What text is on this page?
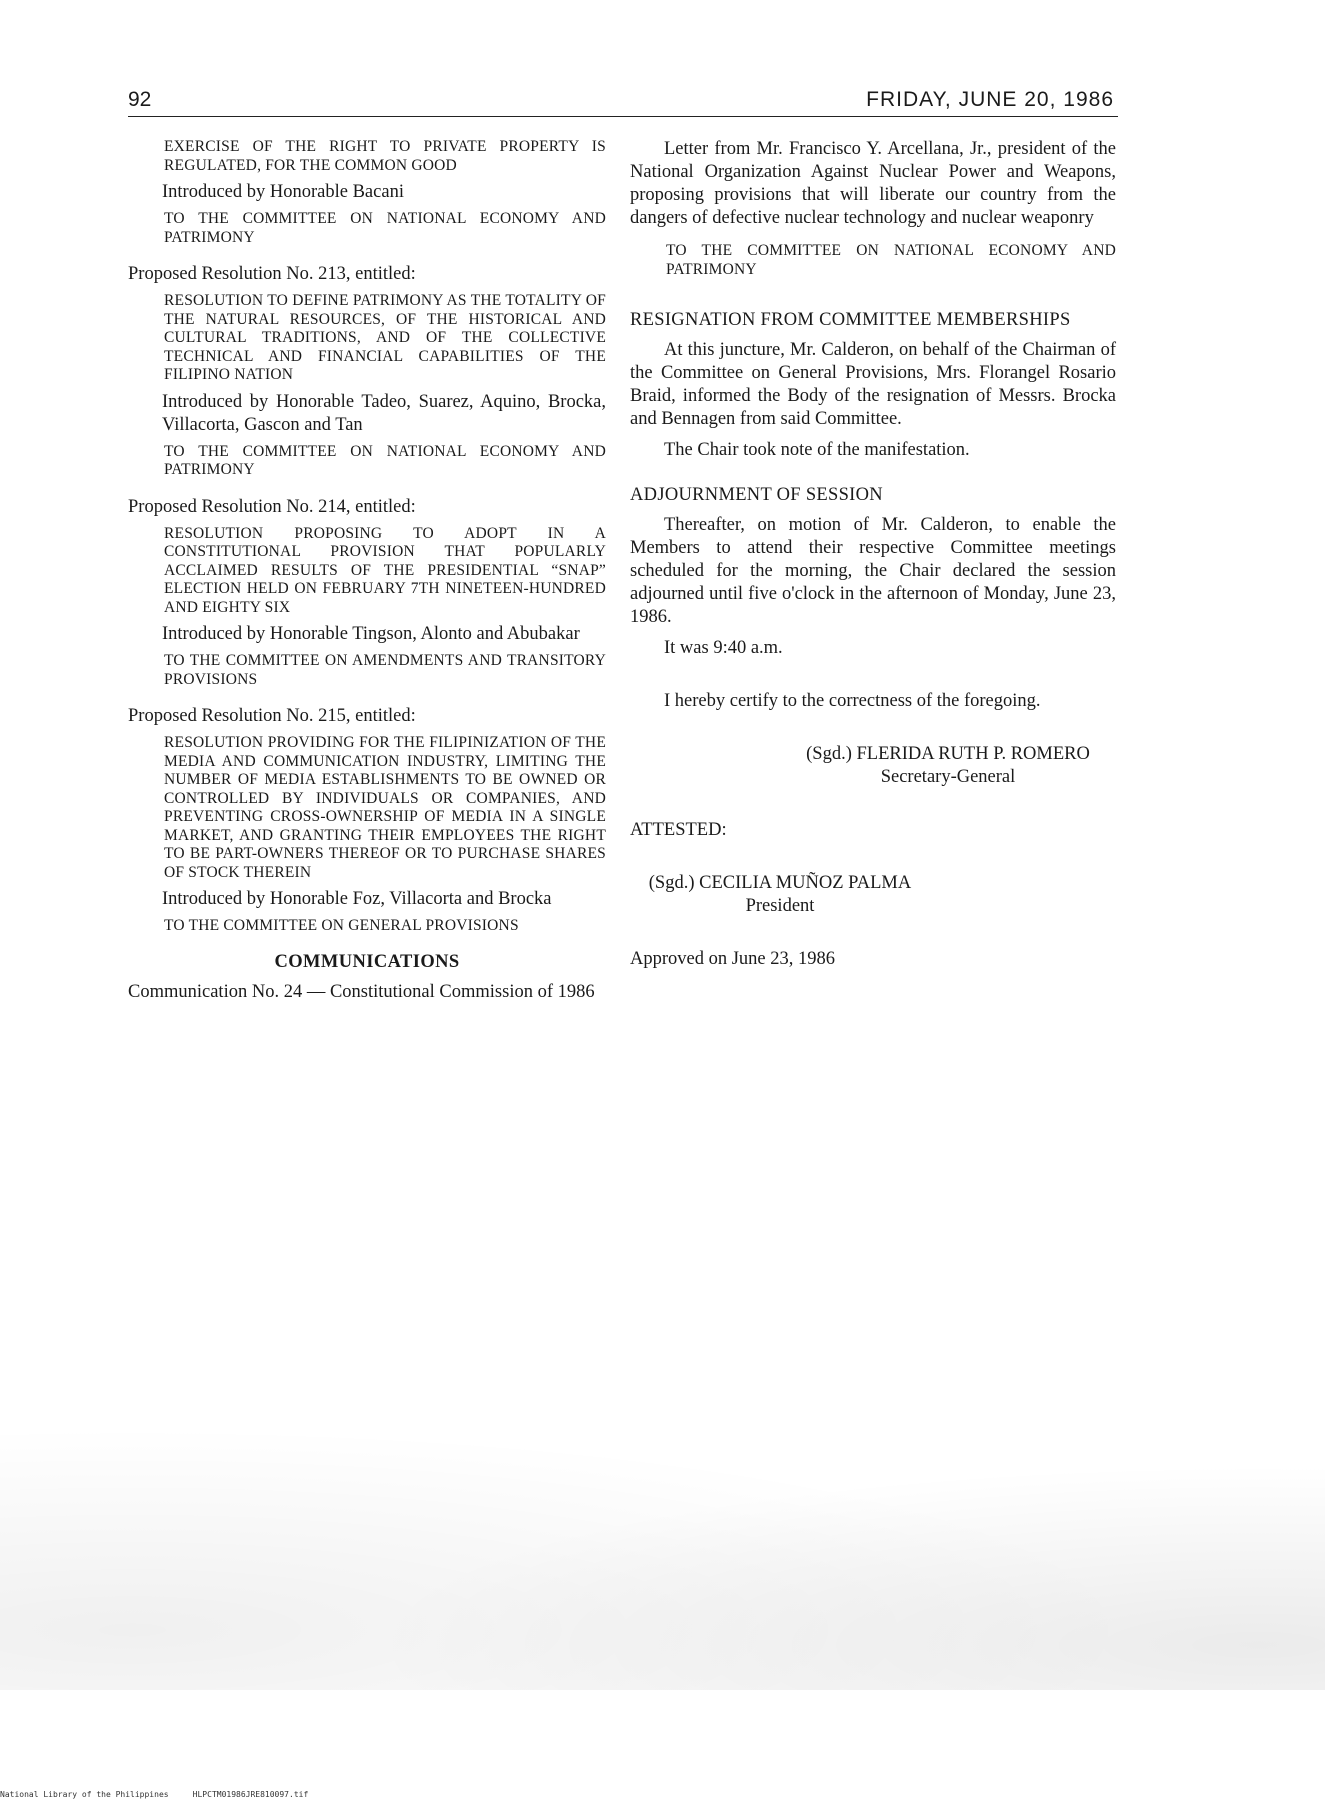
92	FRIDAY, JUNE 20, 1986

EXERCISE OF THE RIGHT TO PRIVATE PROPERTY IS REGULATED, FOR THE COMMON GOOD

Introduced by Honorable Bacani

TO THE COMMITTEE ON NATIONAL ECONOMY AND PATRIMONY

Proposed Resolution No. 213, entitled:

RESOLUTION TO DEFINE PATRIMONY AS THE TOTALITY OF THE NATURAL RESOURCES, OF THE HISTORICAL AND CULTURAL TRADITIONS, AND OF THE COLLECTIVE TECHNICAL AND FINANCIAL CAPABILITIES OF THE FILIPINO NATION

Introduced by Honorable Tadeo, Suarez, Aquino, Brocka, Villacorta, Gascon and Tan

TO THE COMMITTEE ON NATIONAL ECONOMY AND PATRIMONY

Proposed Resolution No. 214, entitled:

RESOLUTION PROPOSING TO ADOPT IN A CONSTITUTIONAL PROVISION THAT POPULARLY ACCLAIMED RESULTS OF THE PRESIDENTIAL “SNAP” ELECTION HELD ON FEBRUARY 7TH NINETEEN-HUNDRED AND EIGHTY SIX

Introduced by Honorable Tingson, Alonto and Abubakar

TO THE COMMITTEE ON AMENDMENTS AND TRANSITORY PROVISIONS

Proposed Resolution No. 215, entitled:

RESOLUTION PROVIDING FOR THE FILIPINIZATION OF THE MEDIA AND COMMUNICATION INDUSTRY, LIMITING THE NUMBER OF MEDIA ESTABLISHMENTS TO BE OWNED OR CONTROLLED BY INDIVIDUALS OR COMPANIES, AND PREVENTING CROSS-OWNERSHIP OF MEDIA IN A SINGLE MARKET, AND GRANTING THEIR EMPLOYEES THE RIGHT TO BE PART-OWNERS THEREOF OR TO PURCHASE SHARES OF STOCK THEREIN

Introduced by Honorable Foz, Villacorta and Brocka

TO THE COMMITTEE ON GENERAL PROVISIONS

COMMUNICATIONS

Communication No. 24 — Constitutional Commission of 1986

Letter from Mr. Francisco Y. Arcellana, Jr., president of the National Organization Against Nuclear Power and Weapons, proposing provisions that will liberate our country from the dangers of defective nuclear technology and nuclear weaponry

TO THE COMMITTEE ON NATIONAL ECONOMY AND PATRIMONY

RESIGNATION FROM COMMITTEE MEMBERSHIPS

At this juncture, Mr. Calderon, on behalf of the Chairman of the Committee on General Provisions, Mrs. Florangel Rosario Braid, informed the Body of the resignation of Messrs. Brocka and Bennagen from said Committee.

The Chair took note of the manifestation.

ADJOURNMENT OF SESSION

Thereafter, on motion of Mr. Calderon, to enable the Members to attend their respective Committee meetings scheduled for the morning, the Chair declared the session adjourned until five o'clock in the afternoon of Monday, June 23, 1986.

It was 9:40 a.m.

I hereby certify to the correctness of the foregoing.

(Sgd.) FLERIDA RUTH P. ROMERO

Secretary-General

ATTESTED:

(Sgd.) CECILIA MUÑOZ PALMA

President

Approved on June 23, 1986

National Library of the Philippines	HLPCTM01986JRE810097.tif
